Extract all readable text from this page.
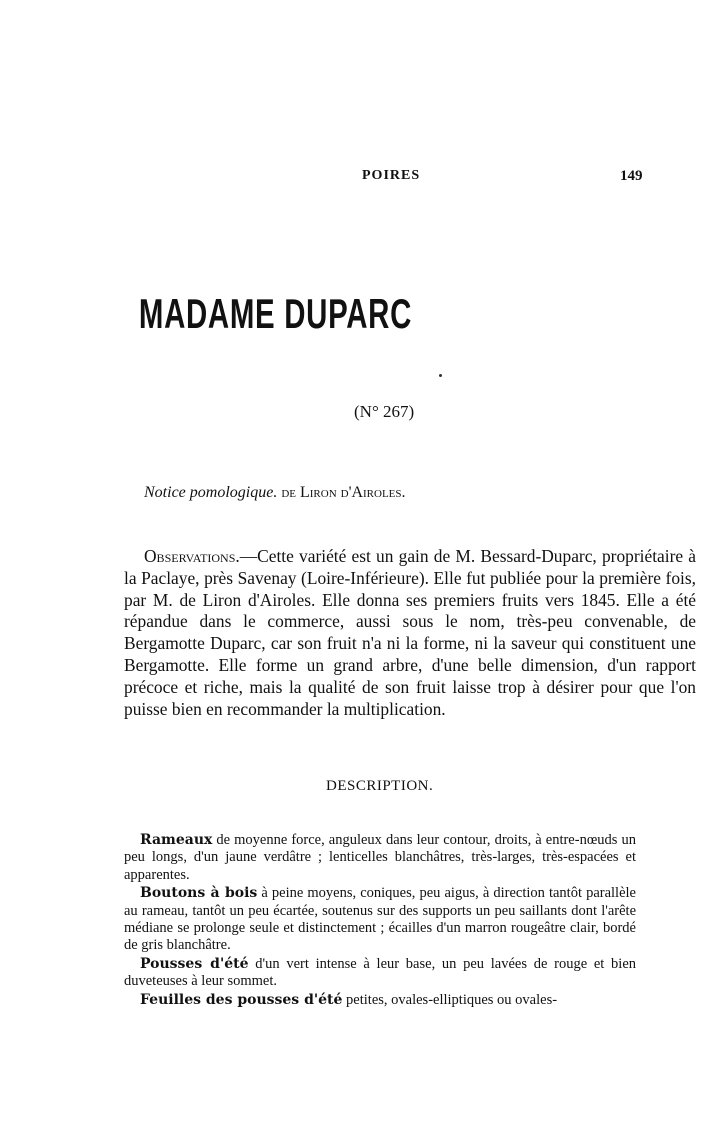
POIRES	149
MADAME DUPARC
(N° 267)
Notice pomologique. de Liron d'Airoles.
Observations.—Cette variété est un gain de M. Bessard-Duparc, propriétaire à la Paclaye, près Savenay (Loire-Inférieure). Elle fut publiée pour la première fois, par M. de Liron d'Airoles. Elle donna ses premiers fruits vers 1845. Elle a été répandue dans le commerce, aussi sous le nom, très-peu convenable, de Bergamotte Duparc, car son fruit n'a ni la forme, ni la saveur qui constituent une Bergamotte. Elle forme un grand arbre, d'une belle dimension, d'un rapport précoce et riche, mais la qualité de son fruit laisse trop à désirer pour que l'on puisse bien en recommander la multiplication.
DESCRIPTION.

Rameaux de moyenne force, anguleux dans leur contour, droits, à entre-nœuds un peu longs, d'un jaune verdâtre ; lenticelles blanchâtres, très-larges, très-espacées et apparentes.

Boutons à bois à peine moyens, coniques, peu aigus, à direction tantôt parallèle au rameau, tantôt un peu écartée, soutenus sur des supports un peu saillants dont l'arête médiane se prolonge seule et distinctement ; écailles d'un marron rougeâtre clair, bordé de gris blanchâtre.

Pousses d'été d'un vert intense à leur base, un peu lavées de rouge et bien duveteuses à leur sommet.

Feuilles des pousses d'été petites, ovales-elliptiques ou ovales-
